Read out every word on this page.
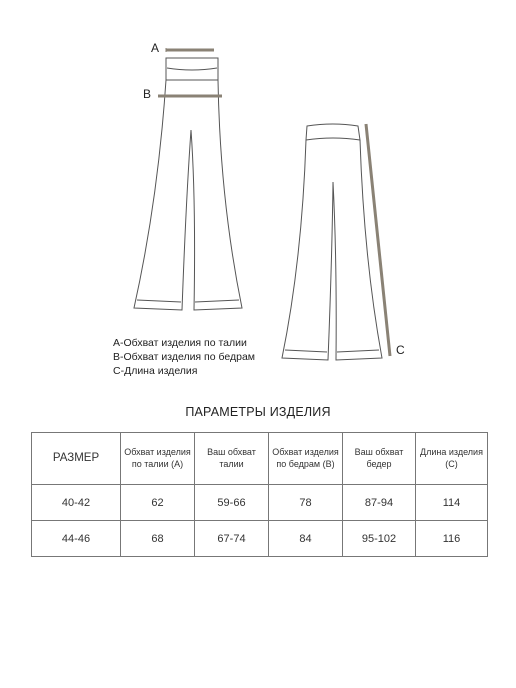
A
B
C
A-Обхват изделия по талии
B-Обхват изделия по бедрам
C-Длина изделия
ПАРАМЕТРЫ ИЗДЕЛИЯ
РАЗМЕР	Обхват изделия по талии (А)	Ваш обхват талии	Обхват изделия по бедрам (В)	Ваш обхват бедер	Длина изделия (С)
40-42	62	59-66	78	87-94	114
44-46	68	67-74	84	95-102	116
